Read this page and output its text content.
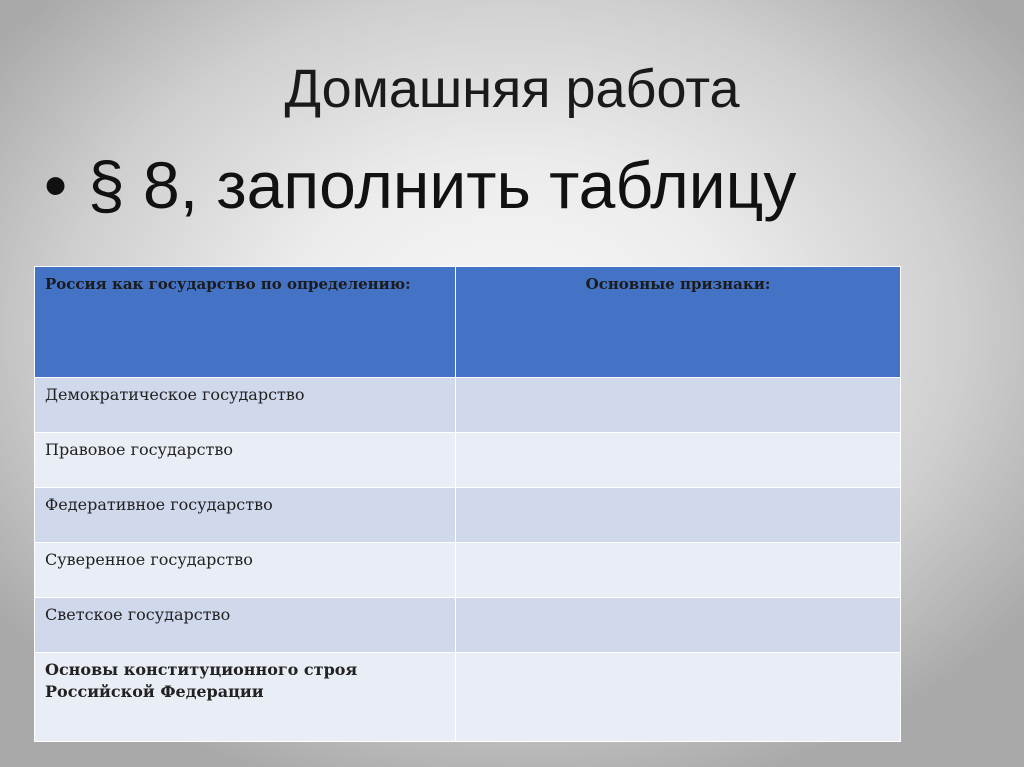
Домашняя работа
• § 8, заполнить таблицу
Россия как государство по определению:	Основные признаки:
Демократическое государство	
Правовое государство	
Федеративное государство	
Суверенное государство	
Светское государство	
Основы конституционного строя Российской Федерации	
